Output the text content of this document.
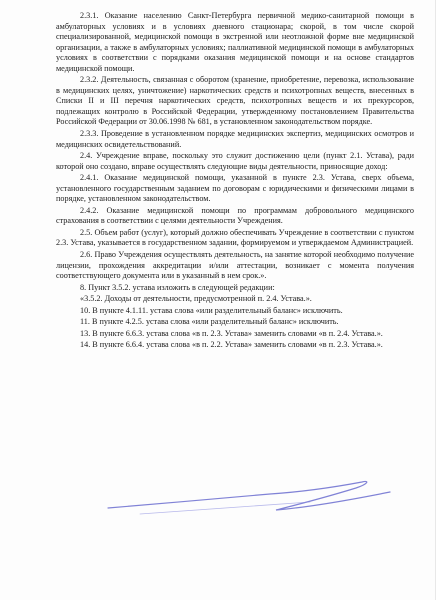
2.3.1. Оказание населению Санкт-Петербурга первичной медико-санитарной помощи в амбулаторных условиях и в условиях дневного стационара; скорой, в том числе скорой специализированной, медицинской помощи в экстренной или неотложной форме вне медицинской организации, а также в амбулаторных условиях; паллиативной медицинской помощи в амбулаторных условиях в соответствии с порядками оказания медицинской помощи и на основе стандартов медицинской помощи.

2.3.2. Деятельность, связанная с оборотом (хранение, приобретение, перевозка, использование в медицинских целях, уничтожение) наркотических средств и психотропных веществ, внесенных в Списки II и III перечня наркотических средств, психотропных веществ и их прекурсоров, подлежащих контролю в Российской Федерации, утвержденному постановлением Правительства Российской Федерации от 30.06.1998 № 681, в установленном законодательством порядке.

2.3.3. Проведение в установленном порядке медицинских экспертиз, медицинских осмотров и медицинских освидетельствований.

2.4. Учреждение вправе, поскольку это служит достижению цели (пункт 2.1. Устава), ради которой оно создано, вправе осуществлять следующие виды деятельности, приносящие доход:

2.4.1. Оказание медицинской помощи, указанной в пункте 2.3. Устава, сверх объема, установленного государственным заданием по договорам с юридическими и физическими лицами в порядке, установленном законодательством.

2.4.2. Оказание медицинской помощи по программам добровольного медицинского страхования в соответствии с целями деятельности Учреждения.

2.5. Объем работ (услуг), который должно обеспечивать Учреждение в соответствии с пунктом 2.3. Устава, указывается в государственном задании, формируемом и утверждаемом Администрацией.

2.6. Право Учреждения осуществлять деятельность, на занятие которой необходимо получение лицензии, прохождения аккредитации и/или аттестации, возникает с момента получения соответствующего документа или в указанный в нем срок.».

8. Пункт 3.5.2. устава изложить в следующей редакции:

«3.5.2. Доходы от деятельности, предусмотренной п. 2.4. Устава.».

10. В пункте 4.1.11. устава слова «или разделительный баланс» исключить.

11. В пункте 4.2.5. устава слова «или разделительный баланс» исключить.

13. В пункте 6.6.3. устава слова «в п. 2.3. Устава» заменить словами «в п. 2.4. Устава.».

14. В пункте 6.6.4. устава слова «в п. 2.2. Устава» заменить словами «в п. 2.3. Устава.».
